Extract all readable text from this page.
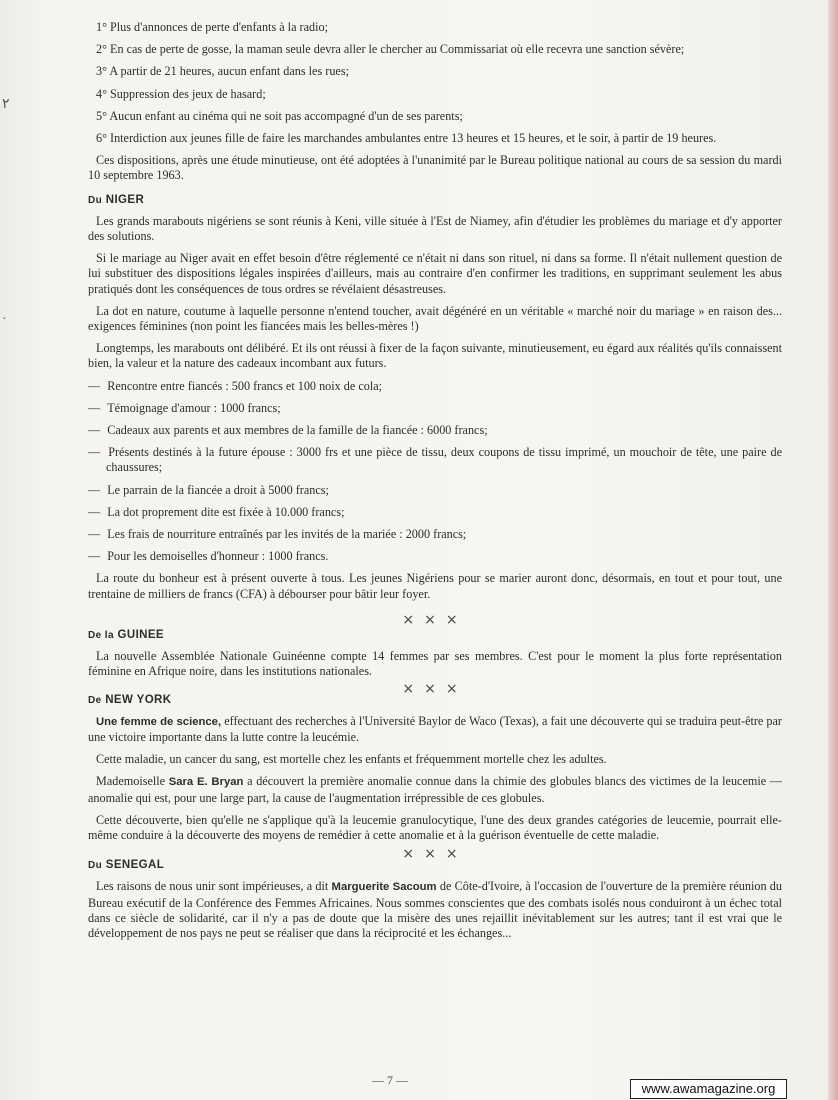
٢
·

1° Plus d'annonces de perte d'enfants à la radio;

2° En cas de perte de gosse, la maman seule devra aller le chercher au Commissariat où elle recevra une sanction sévère;

3° A partir de 21 heures, aucun enfant dans les rues;

4° Suppression des jeux de hasard;

5° Aucun enfant au cinéma qui ne soit pas accompagné d'un de ses parents;

6° Interdiction aux jeunes fille de faire les marchandes ambulantes entre 13 heures et 15 heures, et le soir, à partir de 19 heures.

Ces dispositions, après une étude minutieuse, ont été adoptées à l'unanimité par le Bureau politique national au cours de sa session du mardi 10 septembre 1963.

Du NIGER

Les grands marabouts nigériens se sont réunis à Keni, ville située à l'Est de Niamey, afin d'étudier les problèmes du mariage et d'y apporter des solutions.

Si le mariage au Niger avait en effet besoin d'être réglementé ce n'était ni dans son rituel, ni dans sa forme. Il n'était nullement question de lui substituer des dispositions légales inspirées d'ailleurs, mais au contraire d'en confirmer les traditions, en supprimant seulement les abus pratiqués dont les conséquences de tous ordres se révélaient désastreuses.

La dot en nature, coutume à laquelle personne n'entend toucher, avait dégénéré en un véritable « marché noir du mariage » en raison des... exigences féminines (non point les fiancées mais les belles-mères !)

Longtemps, les marabouts ont délibéré. Et ils ont réussi à fixer de la façon suivante, minutieusement, eu égard aux réalités qu'ils connaissent bien, la valeur et la nature des cadeaux incombant aux futurs.

— Rencontre entre fiancés : 500 francs et 100 noix de cola;
— Témoignage d'amour : 1000 francs;
— Cadeaux aux parents et aux membres de la famille de la fiancée : 6000 francs;
— Présents destinés à la future épouse : 3000 frs et une pièce de tissu, deux coupons de tissu imprimé, un mouchoir de tête, une paire de chaussures;
— Le parrain de la fiancée a droit à 5000 francs;
— La dot proprement dite est fixée à 10.000 francs;
— Les frais de nourriture entraînés par les invités de la mariée : 2000 francs;
— Pour les demoiselles d'honneur : 1000 francs.

La route du bonheur est à présent ouverte à tous. Les jeunes Nigériens pour se marier auront donc, désormais, en tout et pour tout, une trentaine de milliers de francs (CFA) à débourser pour bâtir leur foyer.

×××
De la GUINEE

La nouvelle Assemblée Nationale Guinéenne compte 14 femmes par ses membres. C'est pour le moment la plus forte représentation féminine en Afrique noire, dans les institutions nationales.

×××
De NEW YORK

Une femme de science, effectuant des recherches à l'Université Baylor de Waco (Texas), a fait une découverte qui se traduira peut-être par une victoire importante dans la lutte contre la leucémie.

Cette maladie, un cancer du sang, est mortelle chez les enfants et fréquemment mortelle chez les adultes.

Mademoiselle Sara E. Bryan a découvert la première anomalie connue dans la chimie des globules blancs des victimes de la leucemie — anomalie qui est, pour une large part, la cause de l'augmentation irrépressible de ces globules.

Cette découverte, bien qu'elle ne s'applique qu'à la leucemie granulocytique, l'une des deux grandes catégories de leucemie, pourrait elle-même conduire à la découverte des moyens de remédier à cette anomalie et à la guérison éventuelle de cette maladie.

×××
Du SENEGAL

Les raisons de nous unir sont impérieuses, a dit Marguerite Sacoum de Côte-d'Ivoire, à l'occasion de l'ouverture de la première réunion du Bureau exécutif de la Conférence des Femmes Africaines. Nous sommes conscientes que des combats isolés nous conduiront à un échec total dans ce siècle de solidarité, car il n'y a pas de doute que la misère des unes rejaillit inévitablement sur les autres; tant il est vrai que le développement de nos pays ne peut se réaliser que dans la réciprocité et les échanges...

— 7 —
www.awamagazine.org
